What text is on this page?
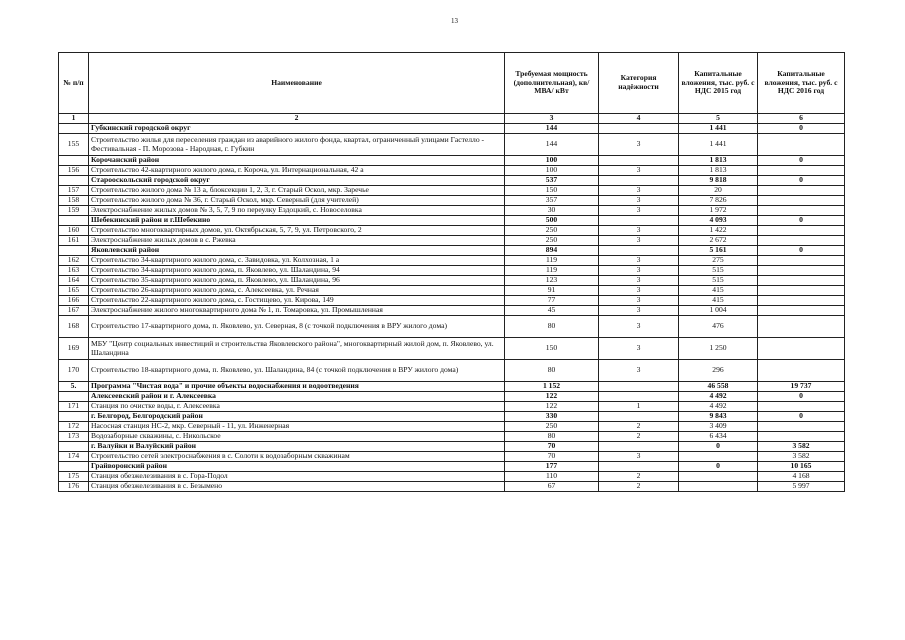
13
№ п/п	Наименование	Требуемая мощность (дополнительная), кв/ МВА/ кВт	Категория надёжности	Капитальные вложения, тыс. руб. с НДС 2015 год	Капитальные вложения, тыс. руб. с НДС 2016 год
1	2	3	4	5	6
	Губкинский городской округ	144		1 441	0
155	Строительство жилья для переселения граждан из аварийного жилого фонда, квартал, ограниченный улицами Гастелло - Фестивальная - П. Морозова - Народная, г. Губкин	144	3	1 441	
	Корочанский район	100		1 813	0
156	Строительство 42-квартирного жилого дома, г. Короча, ул. Интернациональная, 42 а	100	3	1 813	
	Старооскольский городской округ	537		9 818	0
157	Строительство жилого дома № 13 а, блоксекции 1, 2, 3, г. Старый Оскол, мкр. Заречье	150	3	20	
158	Строительство жилого дома № 36, г. Старый Оскол, мкр. Северный (для учителей)	357	3	7 826	
159	Электроснабжение жилых домов № 3, 5, 7, 9 по переулку Ездоцкий, с. Новоселовка	30	3	1 972	
	Шебекинский район и г.Шебекино	500		4 093	0
160	Строительство многоквартирных домов, ул. Октябрьская, 5, 7, 9, ул. Петровского, 2	250	3	1 422	
161	Электроснабжение жилых домов в с. Ржевка	250	3	2 672	
	Яковлевский район	894		5 161	0
162	Строительство 34-квартирного жилого дома, с. Завидовка, ул. Колхозная, 1 а	119	3	275	
163	Строительство 34-квартирного жилого дома, п. Яковлево, ул. Шаландина, 94	119	3	515	
164	Строительство 35-квартирного жилого дома, п. Яковлево, ул. Шаландина, 96	123	3	515	
165	Строительство 26-квартирного жилого дома, с. Алексеевка, ул. Речная	91	3	415	
166	Строительство 22-квартирного жилого дома, с. Гостищево, ул. Кирова, 149	77	3	415	
167	Электроснабжение жилого многоквартирного дома № 1, п. Томаровка, ул. Промышленная	45	3	1 004	
168	Строительство 17-квартирного дома, п. Яковлево, ул. Северная, 8 (с точкой подключения в ВРУ жилого дома)	80	3	476	
169	МБУ "Центр социальных инвестиций и строительства Яковлевского района", многоквартирный жилой дом, п. Яковлево, ул. Шаландина	150	3	1 250	
170	Строительство 18-квартирного дома, п. Яковлево, ул. Шаландина, 84 (с точкой подключения в ВРУ жилого дома)	80	3	296	
5.	Программа "Чистая вода" и прочие объекты водоснабжения и водоотведения	1 152		46 558	19 737
	Алексеевский район и г. Алексеевка	122		4 492	0
171	Станция по очистке воды, г. Алексеевка	122	1	4 492	
	г. Белгород, Белгородский район	330		9 843	0
172	Насосная станция НС-2, мкр. Северный - 11, ул. Инженерная	250	2	3 409	
173	Водозаборные скважины, с. Никольское	80	2	6 434	
	г. Валуйки и Валуйский район	70		0	3 582
174	Строительство сетей электроснабжения в с. Солоти к водозаборным скважинам	70	3		3 582
	Грайворонский район	177		0	10 165
175	Станция обезжелезивания в с. Гора-Подол	110	2		4 168
176	Станция обезжелезивания в с. Безымено	67	2		5 997
